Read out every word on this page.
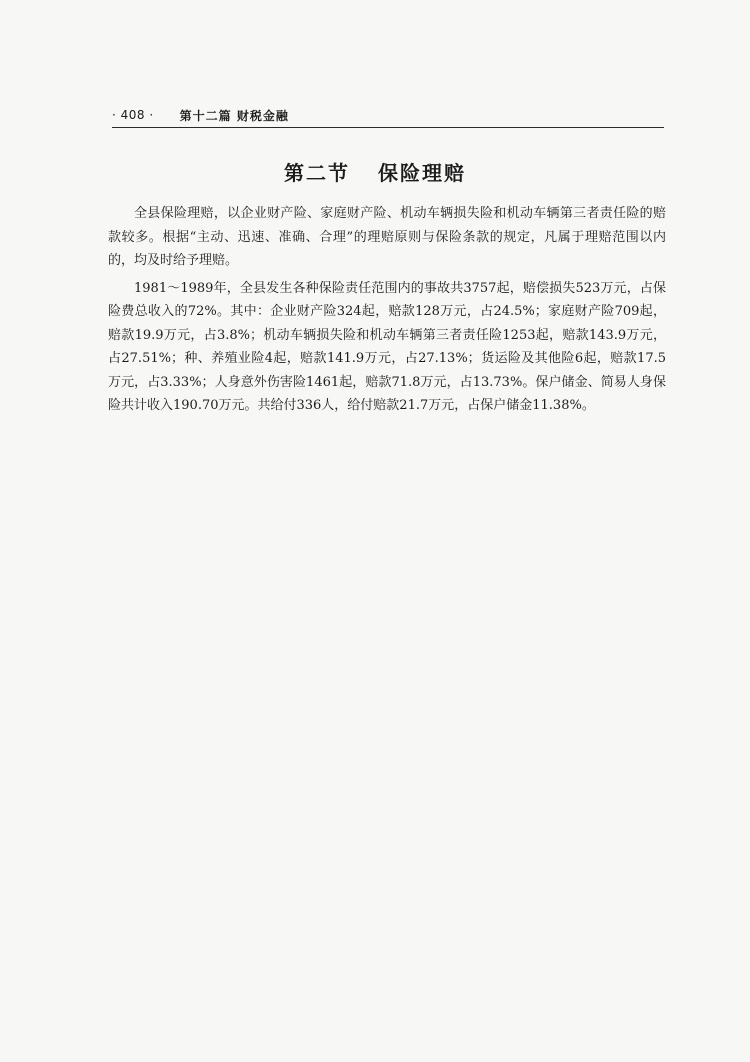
· 408 · 第十二篇 财税金融
第二节 保险理赔

全县保险理赔，以企业财产险、家庭财产险、机动车辆损失险和机动车辆第三者责任险的赔款较多。根据“主动、迅速、准确、合理”的理赔原则与保险条款的规定，凡属于理赔范围以内的，均及时给予理赔。

1981～1989年，全县发生各种保险责任范围内的事故共3757起，赔偿损失523万元，占保险费总收入的72%。其中：企业财产险324起，赔款128万元，占24.5%；家庭财产险709起，赔款19.9万元，占3.8%；机动车辆损失险和机动车辆第三者责任险1253起，赔款143.9万元，占27.51%；种、养殖业险4起，赔款141.9万元，占27.13%；货运险及其他险6起，赔款17.5万元，占3.33%；人身意外伤害险1461起，赔款71.8万元，占13.73%。保户储金、简易人身保险共计收入190.70万元。共给付336人，给付赔款21.7万元，占保户储金11.38%。
